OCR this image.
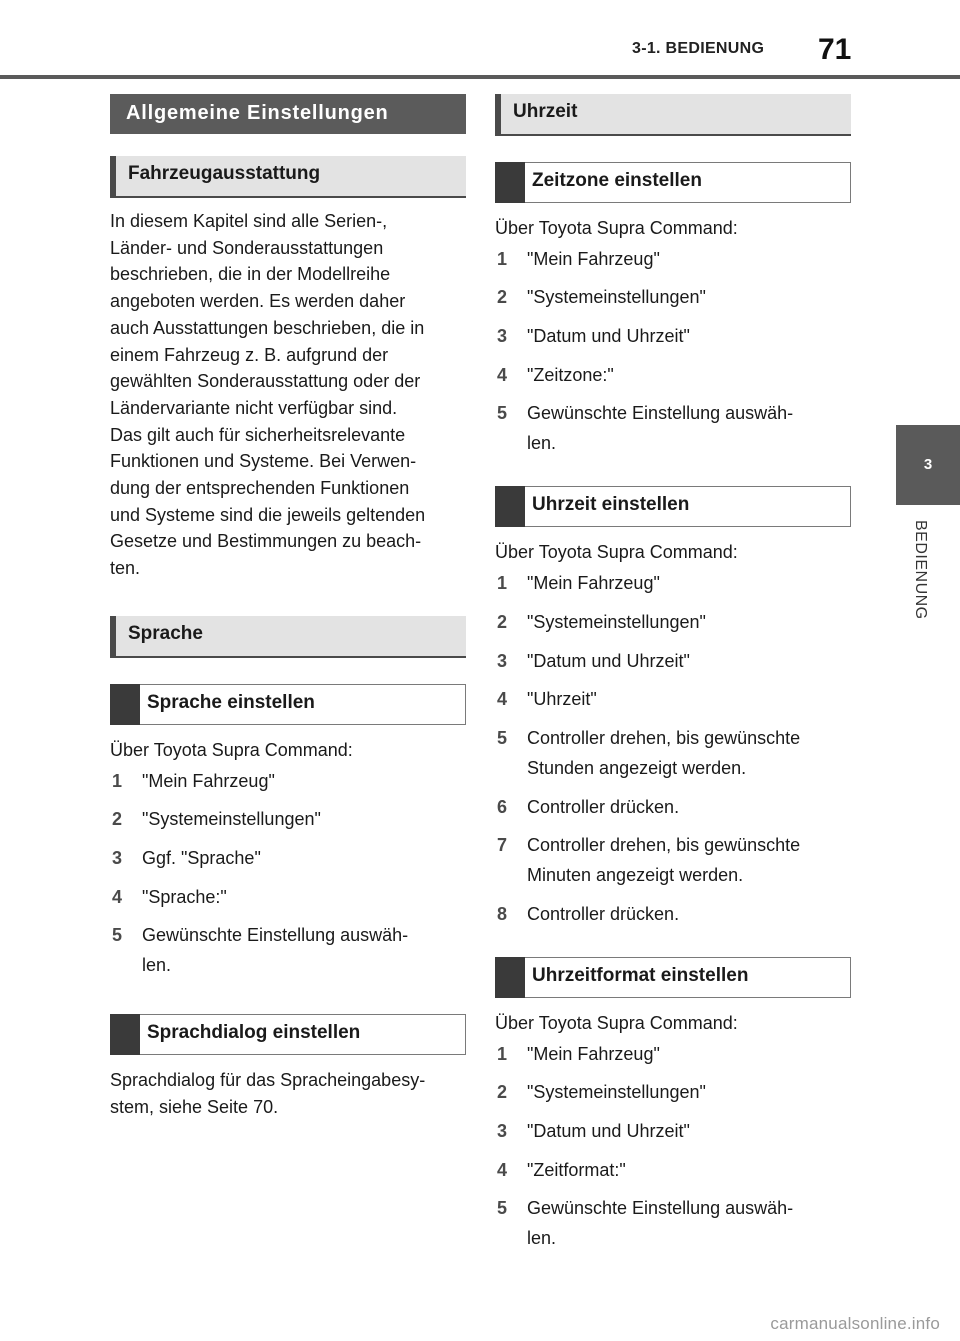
3-1. BEDIENUNG	71
3
BEDIENUNG
Allgemeine Einstellungen
Fahrzeugausstattung
In diesem Kapitel sind alle Serien-,
Länder- und Sonderausstattungen
beschrieben, die in der Modellreihe
angeboten werden. Es werden daher
auch Ausstattungen beschrieben, die in
einem Fahrzeug z. B. aufgrund der
gewählten Sonderausstattung oder der
Ländervariante nicht verfügbar sind.
Das gilt auch für sicherheitsrelevante
Funktionen und Systeme. Bei Verwen-
dung der entsprechenden Funktionen
und Systeme sind die jeweils geltenden
Gesetze und Bestimmungen zu beach-
ten.
Sprache
Sprache einstellen
Über Toyota Supra Command:
1 "Mein Fahrzeug"
2 "Systemeinstellungen"
3 Ggf. "Sprache"
4 "Sprache:"
5 Gewünschte Einstellung auswäh-
len.
Sprachdialog einstellen
Sprachdialog für das Spracheingabesy-
stem, siehe Seite 70.
Uhrzeit
Zeitzone einstellen
Über Toyota Supra Command:
1 "Mein Fahrzeug"
2 "Systemeinstellungen"
3 "Datum und Uhrzeit"
4 "Zeitzone:"
5 Gewünschte Einstellung auswäh-
len.
Uhrzeit einstellen
Über Toyota Supra Command:
1 "Mein Fahrzeug"
2 "Systemeinstellungen"
3 "Datum und Uhrzeit"
4 "Uhrzeit"
5 Controller drehen, bis gewünschte
Stunden angezeigt werden.
6 Controller drücken.
7 Controller drehen, bis gewünschte
Minuten angezeigt werden.
8 Controller drücken.
Uhrzeitformat einstellen
Über Toyota Supra Command:
1 "Mein Fahrzeug"
2 "Systemeinstellungen"
3 "Datum und Uhrzeit"
4 "Zeitformat:"
5 Gewünschte Einstellung auswäh-
len.
carmanualsonline.info
